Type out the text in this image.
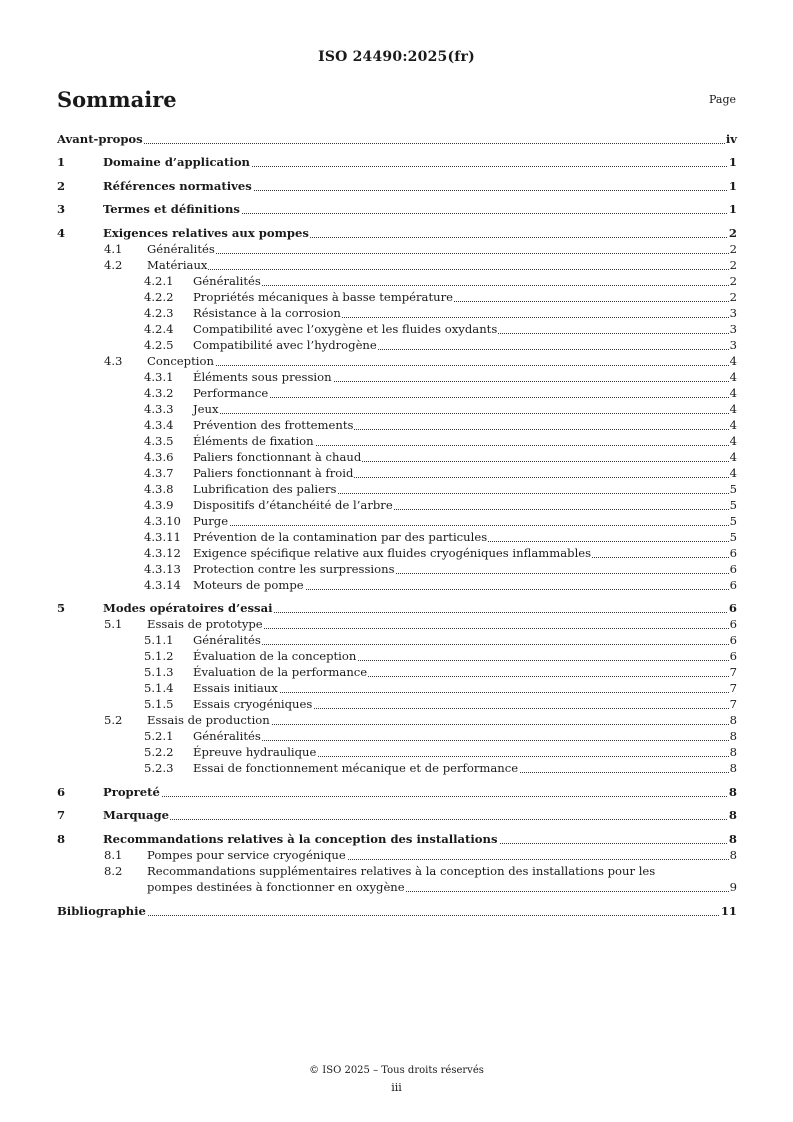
ISO 24490:2025(fr)
Sommaire	Page
Avant-propos	iv
1	Domaine d’application	1
2	Références normatives	1
3	Termes et définitions	1
4	Exigences relatives aux pompes	2
4.1 Généralités	2
4.2 Matériaux	2
4.2.1 Généralités	2
4.2.2 Propriétés mécaniques à basse température	2
4.2.3 Résistance à la corrosion	3
4.2.4 Compatibilité avec l’oxygène et les fluides oxydants	3
4.2.5 Compatibilité avec l’hydrogène	3
4.3 Conception	4
4.3.1 Éléments sous pression	4
4.3.2 Performance	4
4.3.3 Jeux	4
4.3.4 Prévention des frottements	4
4.3.5 Éléments de fixation	4
4.3.6 Paliers fonctionnant à chaud	4
4.3.7 Paliers fonctionnant à froid	4
4.3.8 Lubrification des paliers	5
4.3.9 Dispositifs d’étanchéité de l’arbre	5
4.3.10 Purge	5
4.3.11 Prévention de la contamination par des particules	5
4.3.12 Exigence spécifique relative aux fluides cryogéniques inflammables	6
4.3.13 Protection contre les surpressions	6
4.3.14 Moteurs de pompe	6
5	Modes opératoires d’essai	6
5.1 Essais de prototype	6
5.1.1 Généralités	6
5.1.2 Évaluation de la conception	6
5.1.3 Évaluation de la performance	7
5.1.4 Essais initiaux	7
5.1.5 Essais cryogéniques	7
5.2 Essais de production	8
5.2.1 Généralités	8
5.2.2 Épreuve hydraulique	8
5.2.3 Essai de fonctionnement mécanique et de performance	8
6	Propreté	8
7	Marquage	8
8	Recommandations relatives à la conception des installations	8
8.1 Pompes pour service cryogénique	8
8.2 Recommandations supplémentaires relatives à la conception des installations pour les
pompes destinées à fonctionner en oxygène	9
Bibliographie	11
© ISO 2025 – Tous droits réservés
iii
